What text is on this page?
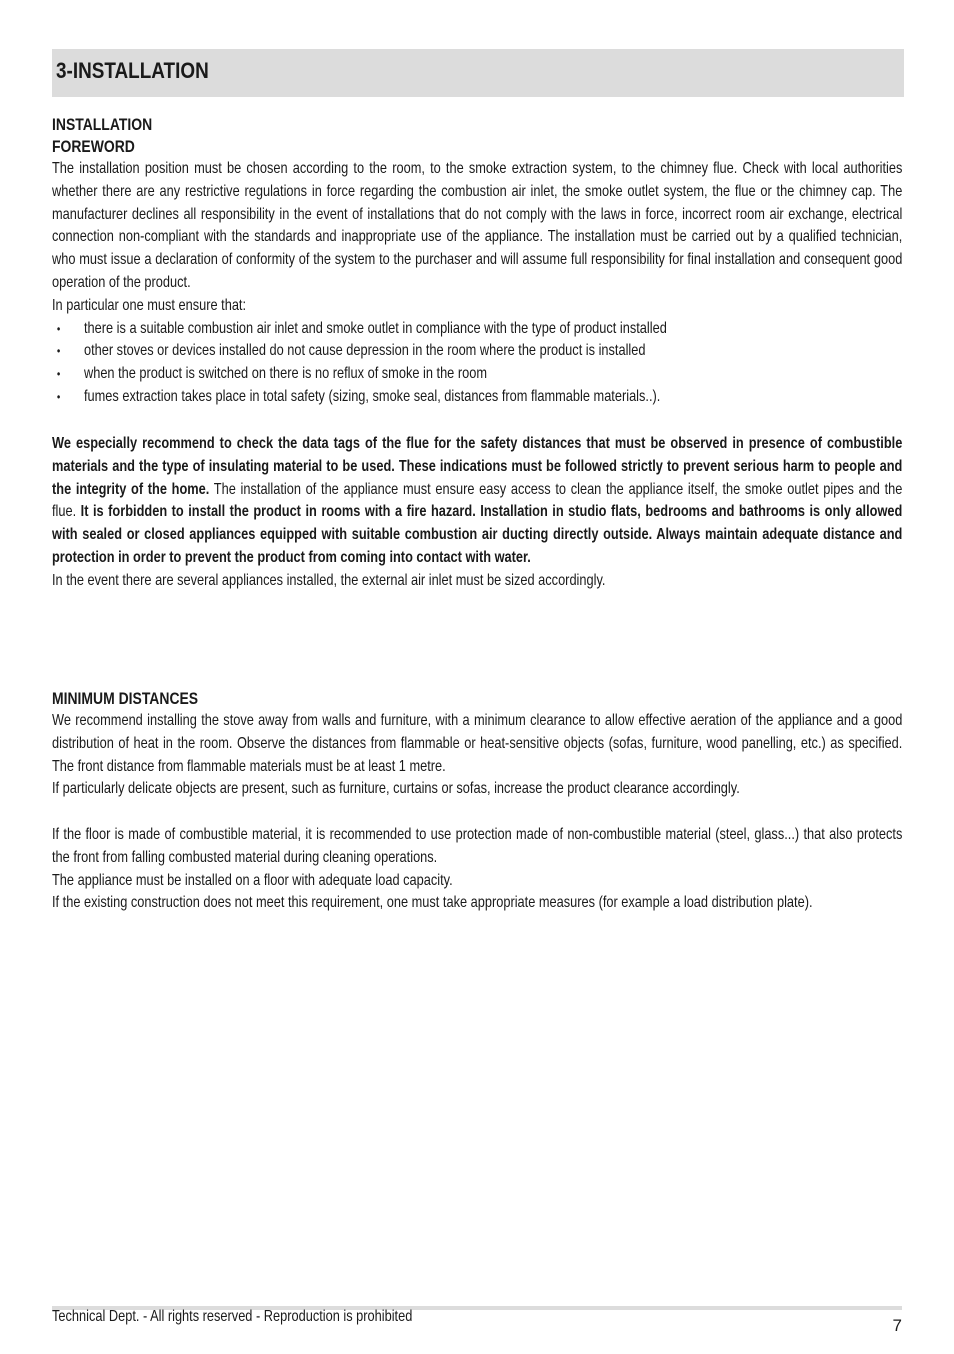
3-INSTALLATION
INSTALLATION
FOREWORD

The installation position must be chosen according to the room, to the smoke extraction system, to the chimney flue. Check with local authorities whether there are any restrictive regulations in force regarding the combustion air inlet, the smoke outlet system, the flue or the chimney cap. The manufacturer declines all responsibility in the event of installations that do not comply with the laws in force, incorrect room air exchange, electrical connection non-compliant with the standards and inappropriate use of the appliance. The installation must be carried out by a qualified technician, who must issue a declaration of conformity of the system to the purchaser and will assume full responsibility for final installation and consequent good operation of the product.

In particular one must ensure that:

• there is a suitable combustion air inlet and smoke outlet in compliance with the type of product installed
• other stoves or devices installed do not cause depression in the room where the product is installed
• when the product is switched on there is no reflux of smoke in the room
• fumes extraction takes place in total safety (sizing, smoke seal, distances from flammable materials..).

We especially recommend to check the data tags of the flue for the safety distances that must be observed in presence of combustible materials and the type of insulating material to be used. These indications must be followed strictly to prevent serious harm to people and the integrity of the home. The installation of the appliance must ensure easy access to clean the appliance itself, the smoke outlet pipes and the flue. It is forbidden to install the product in rooms with a fire hazard. Installation in studio flats, bedrooms and bathrooms is only allowed with sealed or closed appliances equipped with suitable combustion air ducting directly outside. Always maintain adequate distance and protection in order to prevent the product from coming into contact with water.

In the event there are several appliances installed, the external air inlet must be sized accordingly.

MINIMUM DISTANCES

We recommend installing the stove away from walls and furniture, with a minimum clearance to allow effective aeration of the appliance and a good distribution of heat in the room. Observe the distances from flammable or heat-sensitive objects (sofas, furniture, wood panelling, etc.) as specified. The front distance from flammable materials must be at least 1 metre.

If particularly delicate objects are present, such as furniture, curtains or sofas, increase the product clearance accordingly.

If the floor is made of combustible material, it is recommended to use protection made of non-combustible material (steel, glass...) that also protects the front from falling combusted material during cleaning operations.

The appliance must be installed on a floor with adequate load capacity.

If the existing construction does not meet this requirement, one must take appropriate measures (for example a load distribution plate).

Technical Dept. - All rights reserved - Reproduction is prohibited	7
